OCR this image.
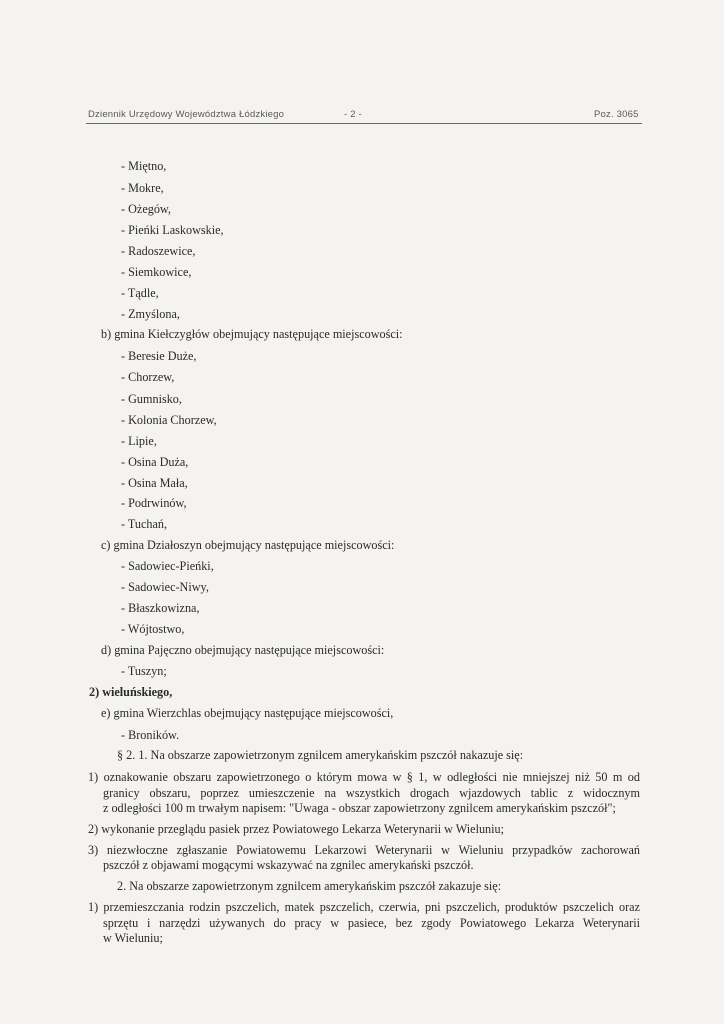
Dziennik Urzędowy Województwa Łódzkiego	- 2 -	Poz. 3065
- Miętno,
- Mokre,
- Ożegów,
- Pieńki Laskowskie,
- Radoszewice,
- Siemkowice,
- Tądle,
- Zmyślona,
b) gmina Kiełczygłów obejmujący następujące miejscowości:
- Beresie Duże,
- Chorzew,
- Gumnisko,
- Kolonia Chorzew,
- Lipie,
- Osina Duża,
- Osina Mała,
- Podrwinów,
- Tuchań,
c) gmina Działoszyn obejmujący następujące miejscowości:
- Sadowiec-Pieńki,
- Sadowiec-Niwy,
- Błaszkowizna,
- Wójtostwo,
d) gmina Pajęczno obejmujący następujące miejscowości:
- Tuszyn;
2) wieluńskiego,
e) gmina Wierzchlas obejmujący następujące miejscowości,
- Broników.
§ 2. 1. Na obszarze zapowietrzonym zgnilcem amerykańskim pszczół nakazuje się:
1) oznakowanie obszaru zapowietrzonego o którym mowa w § 1, w odległości nie mniejszej niż 50 m od
granicy obszaru, poprzez umieszczenie na wszystkich drogach wjazdowych tablic z widocznym
z odległości 100 m trwałym napisem: "Uwaga - obszar zapowietrzony zgnilcem amerykańskim pszczół";
2) wykonanie przeglądu pasiek przez Powiatowego Lekarza Weterynarii w Wieluniu;
3) niezwłoczne zgłaszanie Powiatowemu Lekarzowi Weterynarii w Wieluniu przypadków zachorowań
pszczół z objawami mogącymi wskazywać na zgnilec amerykański pszczół.
2. Na obszarze zapowietrzonym zgnilcem amerykańskim pszczół zakazuje się:
1) przemieszczania rodzin pszczelich, matek pszczelich, czerwia, pni pszczelich, produktów pszczelich oraz
sprzętu i narzędzi używanych do pracy w pasiece, bez zgody Powiatowego Lekarza Weterynarii
w Wieluniu;
